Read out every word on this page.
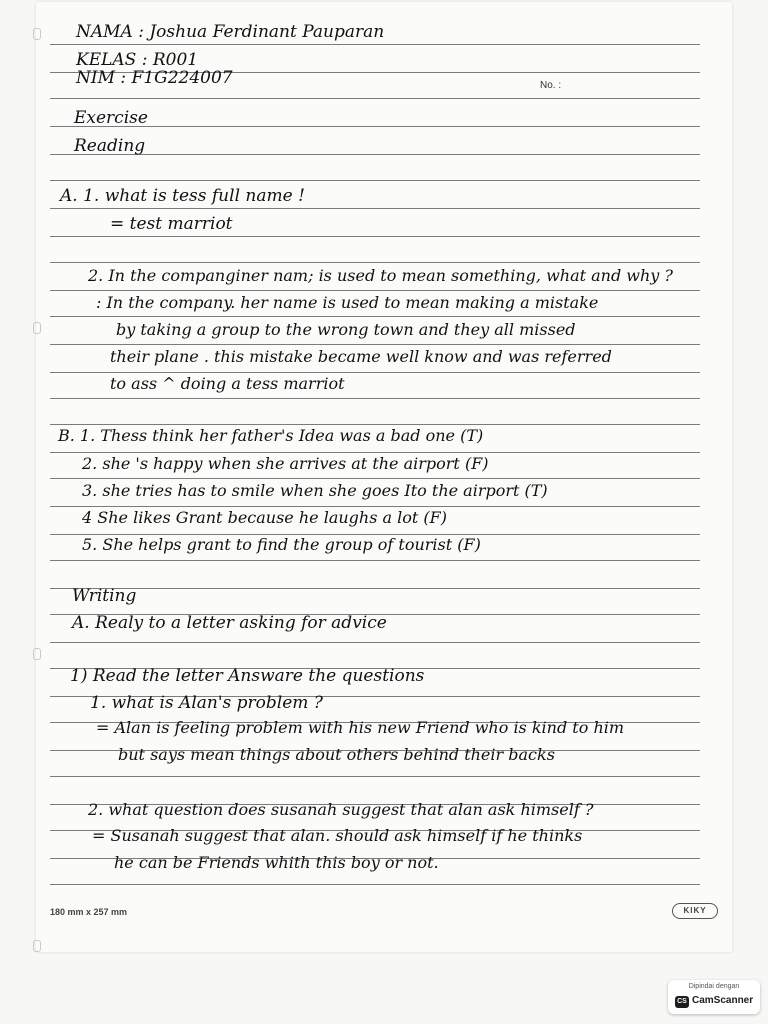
NAMA : Joshua Ferdinant Pauparan
KELAS : R001
NIM : F1G224007	No. :
Exercise
Reading
A. 1. what is tess full name !
= test marriot
2. In the companginer nam; is used to mean something, what and why ?
: In the company. her name is used to mean making a mistake
by taking a group to the wrong town and they all missed
their plane . this mistake became well know and was referred
to ass ^ doing a tess marriot
B. 1. Thess think her father's Idea was a bad one (T)
2. she 's happy when she arrives at the airport (F)
3. she tries has to smile when she goes Ito the airport (T)
4 She likes Grant because he laughs a lot (F)
5. She helps grant to find the group of tourist (F)
Writing
A. Realy to a letter asking for advice
1) Read the letter Answare the questions
1. what is Alan's problem ?
= Alan is feeling problem with his new Friend who is kind to him
but says mean things about others behind their backs
2. what question does susanah suggest that alan ask himself ?
= Susanah suggest that alan. should ask himself if he thinks
he can be Friends whith this boy or not.
180 mm x 257 mm	KIKY
Dipindai dengan
CS CamScanner
